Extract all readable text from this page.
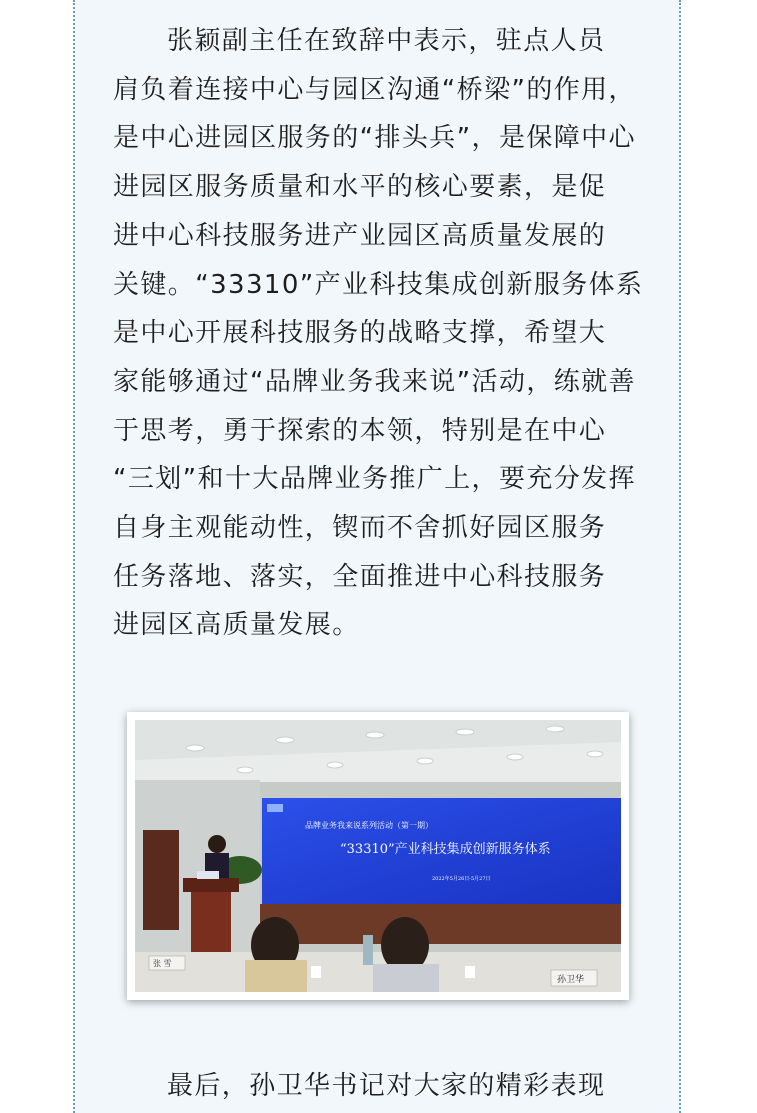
张颖副主任在致辞中表示，驻点人员
肩负着连接中心与园区沟通“桥梁”的作用，
是中心进园区服务的“排头兵”，是保障中心
进园区服务质量和水平的核心要素，是促
进中心科技服务进产业园区高质量发展的
关键。“33310”产业科技集成创新服务体系
是中心开展科技服务的战略支撑，希望大
家能够通过“品牌业务我来说”活动，练就善
于思考，勇于探索的本领，特别是在中心
“三划”和十大品牌业务推广上，要充分发挥
自身主观能动性，锲而不舍抓好园区服务
任务落地、落实，全面推进中心科技服务
进园区高质量发展。
品牌业务我来说系列活动（第一期）
“33310”产业科技集成创新服务体系
2022年5月26日-5月27日
张 雪
孙卫华
最后，孙卫华书记对大家的精彩表现
